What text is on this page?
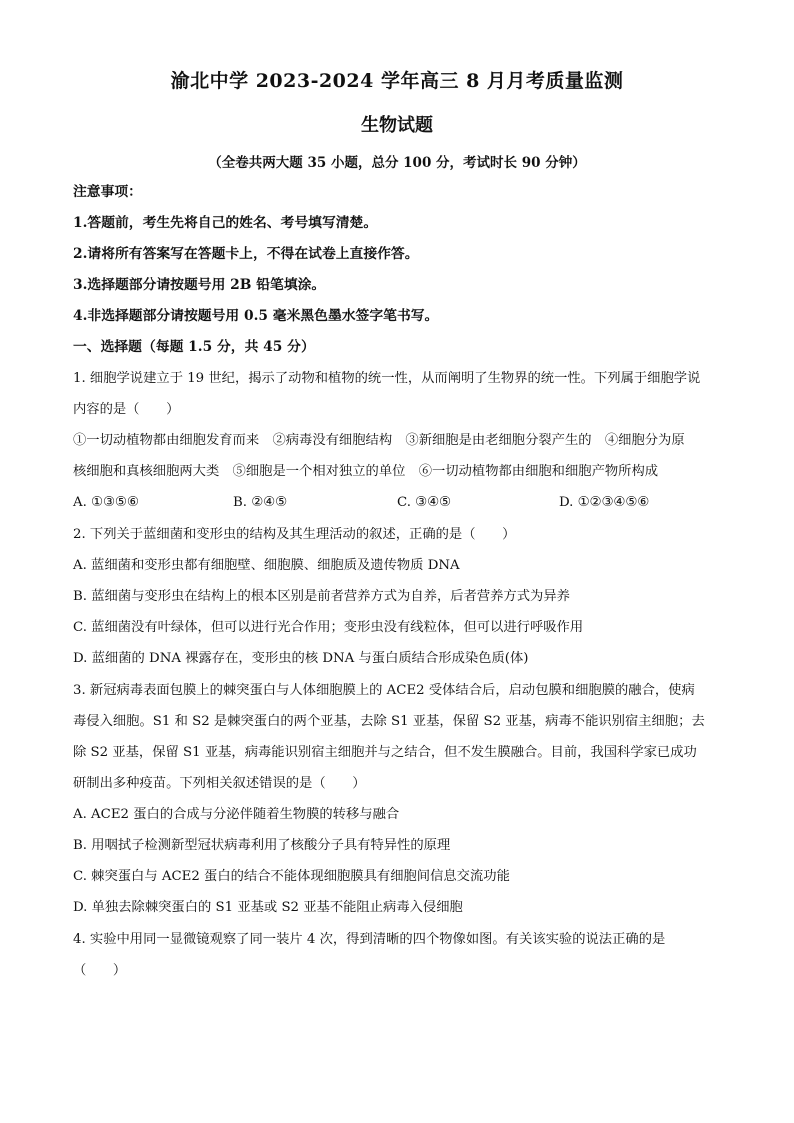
渝北中学 2023-2024 学年高三 8 月月考质量监测
生物试题
（全卷共两大题 35 小题，总分 100 分，考试时长 90 分钟）
注意事项：
1.答题前，考生先将自己的姓名、考号填写清楚。
2.请将所有答案写在答题卡上，不得在试卷上直接作答。
3.选择题部分请按题号用 2B 铅笔填涂。
4.非选择题部分请按题号用 0.5 毫米黑色墨水签字笔书写。
一、选择题（每题 1.5 分，共 45 分）
1. 细胞学说建立于 19 世纪，揭示了动物和植物的统一性，从而阐明了生物界的统一性。下列属于细胞学说
内容的是（　　）
①一切动植物都由细胞发育而来　②病毒没有细胞结构　③新细胞是由老细胞分裂产生的　④细胞分为原
核细胞和真核细胞两大类　⑤细胞是一个相对独立的单位　⑥一切动植物都由细胞和细胞产物所构成
A. ①③⑤⑥	B. ②④⑤	C. ③④⑤	D. ①②③④⑤⑥
2. 下列关于蓝细菌和变形虫的结构及其生理活动的叙述，正确的是（　　）
A. 蓝细菌和变形虫都有细胞壁、细胞膜、细胞质及遗传物质 DNA
B. 蓝细菌与变形虫在结构上的根本区别是前者营养方式为自养，后者营养方式为异养
C. 蓝细菌没有叶绿体，但可以进行光合作用；变形虫没有线粒体，但可以进行呼吸作用
D. 蓝细菌的 DNA 裸露存在，变形虫的核 DNA 与蛋白质结合形成染色质(体)
3. 新冠病毒表面包膜上的棘突蛋白与人体细胞膜上的 ACE2 受体结合后，启动包膜和细胞膜的融合，使病
毒侵入细胞。S1 和 S2 是棘突蛋白的两个亚基，去除 S1 亚基，保留 S2 亚基，病毒不能识别宿主细胞；去
除 S2 亚基，保留 S1 亚基，病毒能识别宿主细胞并与之结合，但不发生膜融合。目前，我国科学家已成功
研制出多种疫苗。下列相关叙述错误的是（　　）
A. ACE2 蛋白的合成与分泌伴随着生物膜的转移与融合
B. 用咽拭子检测新型冠状病毒利用了核酸分子具有特异性的原理
C. 棘突蛋白与 ACE2 蛋白的结合不能体现细胞膜具有细胞间信息交流功能
D. 单独去除棘突蛋白的 S1 亚基或 S2 亚基不能阻止病毒入侵细胞
4. 实验中用同一显微镜观察了同一装片 4 次，得到清晰的四个物像如图。有关该实验的说法正确的是
（　　）
